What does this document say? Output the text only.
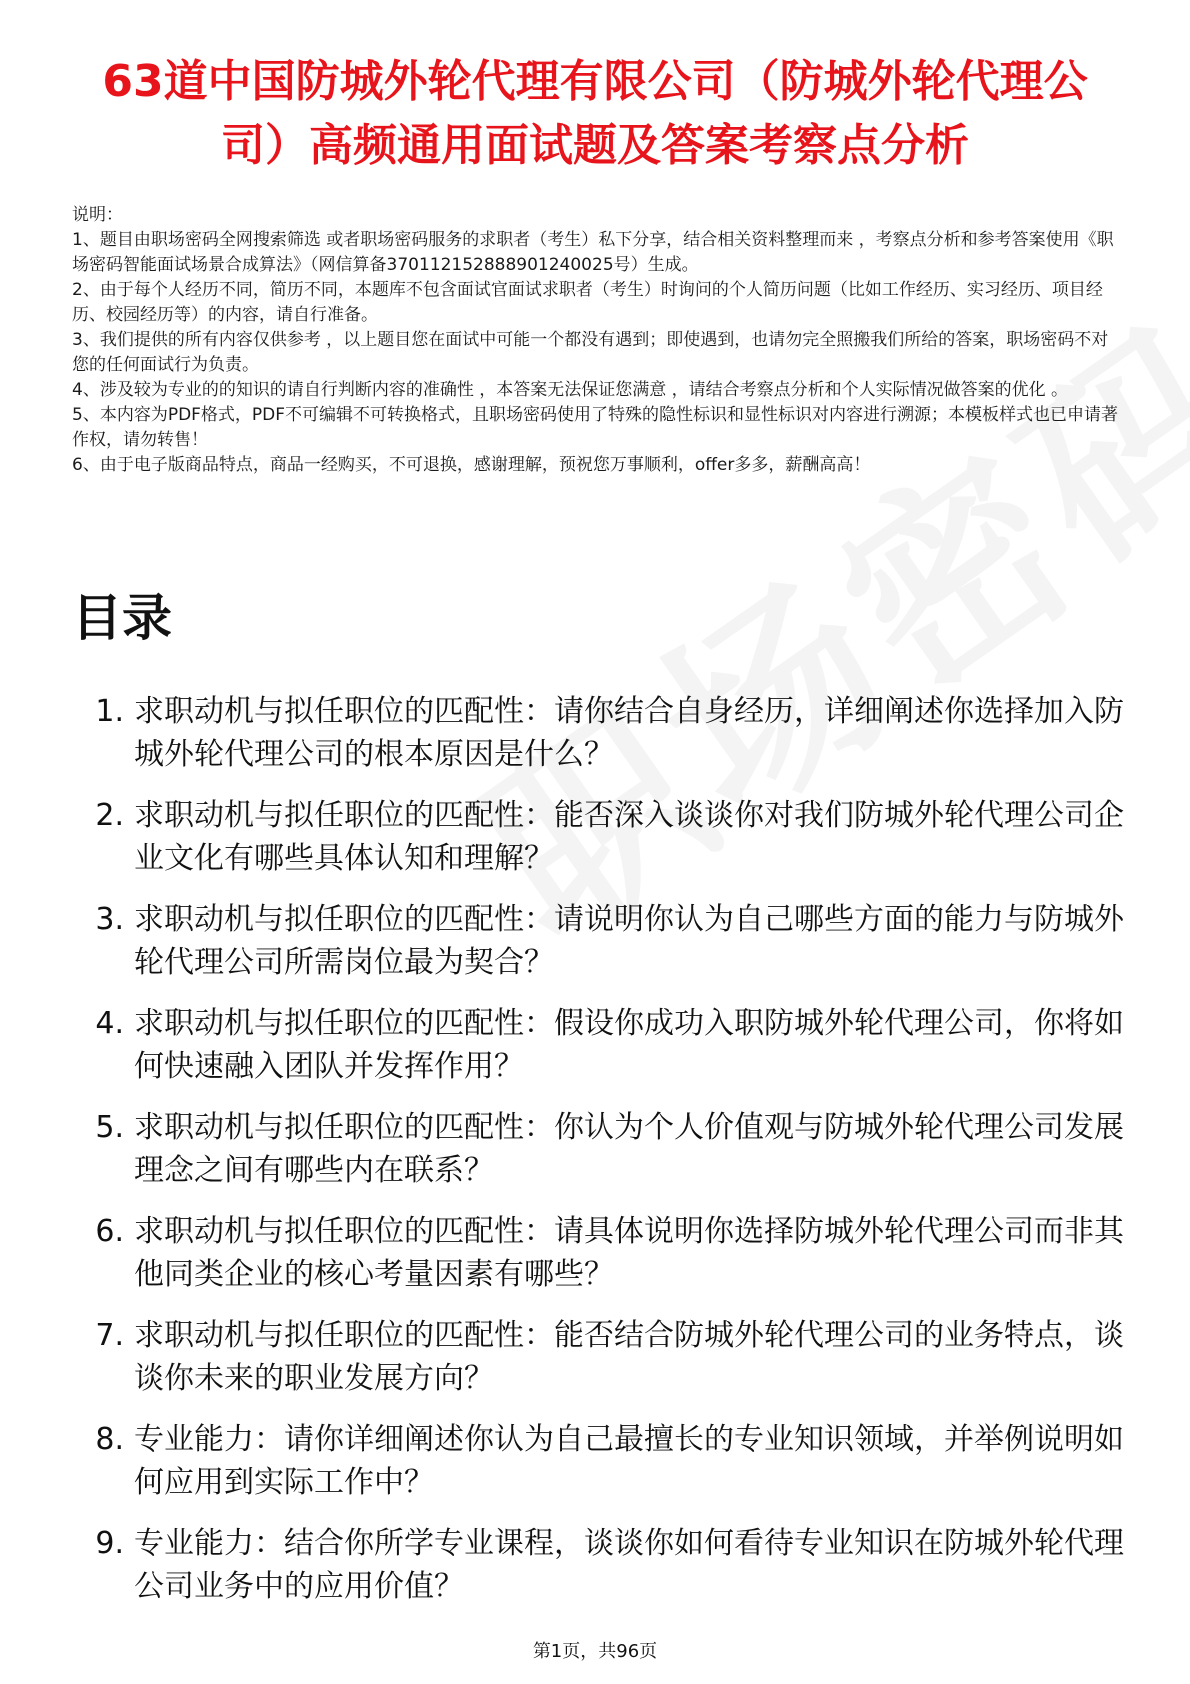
63道中国防城外轮代理有限公司（防城外轮代理公司）高频通用面试题及答案考察点分析
说明：
1、题目由职场密码全网搜索筛选 或者职场密码服务的求职者（考生）私下分享，结合相关资料整理而来 ，考察点分析和参考答案使用《职场密码智能面试场景合成算法》（网信算备370112152888901240025号）生成。
2、由于每个人经历不同，简历不同，本题库不包含面试官面试求职者（考生）时询问的个人简历问题（比如工作经历、实习经历、项目经历、校园经历等）的内容，请自行准备。
3、我们提供的所有内容仅供参考 ，以上题目您在面试中可能一个都没有遇到；即使遇到，也请勿完全照搬我们所给的答案，职场密码不对您的任何面试行为负责。
4、涉及较为专业的的知识的请自行判断内容的准确性 ，本答案无法保证您满意 ，请结合考察点分析和个人实际情况做答案的优化 。
5、本内容为PDF格式，PDF不可编辑不可转换格式，且职场密码使用了特殊的隐性标识和显性标识对内容进行溯源；本模板样式也已申请著作权，请勿转售！
6、由于电子版商品特点，商品一经购买，不可退换，感谢理解，预祝您万事顺利，offer多多，薪酬高高！
目录
1. 求职动机与拟任职位的匹配性：请你结合自身经历，详细阐述你选择加入防城外轮代理公司的根本原因是什么？
2. 求职动机与拟任职位的匹配性：能否深入谈谈你对我们防城外轮代理公司企业文化有哪些具体认知和理解？
3. 求职动机与拟任职位的匹配性：请说明你认为自己哪些方面的能力与防城外轮代理公司所需岗位最为契合？
4. 求职动机与拟任职位的匹配性：假设你成功入职防城外轮代理公司，你将如何快速融入团队并发挥作用？
5. 求职动机与拟任职位的匹配性：你认为个人价值观与防城外轮代理公司发展理念之间有哪些内在联系？
6. 求职动机与拟任职位的匹配性：请具体说明你选择防城外轮代理公司而非其他同类企业的核心考量因素有哪些？
7. 求职动机与拟任职位的匹配性：能否结合防城外轮代理公司的业务特点，谈谈你未来的职业发展方向？
8. 专业能力：请你详细阐述你认为自己最擅长的专业知识领域，并举例说明如何应用到实际工作中？
9. 专业能力：结合你所学专业课程，谈谈你如何看待专业知识在防城外轮代理公司业务中的应用价值？
第1页，共96页
